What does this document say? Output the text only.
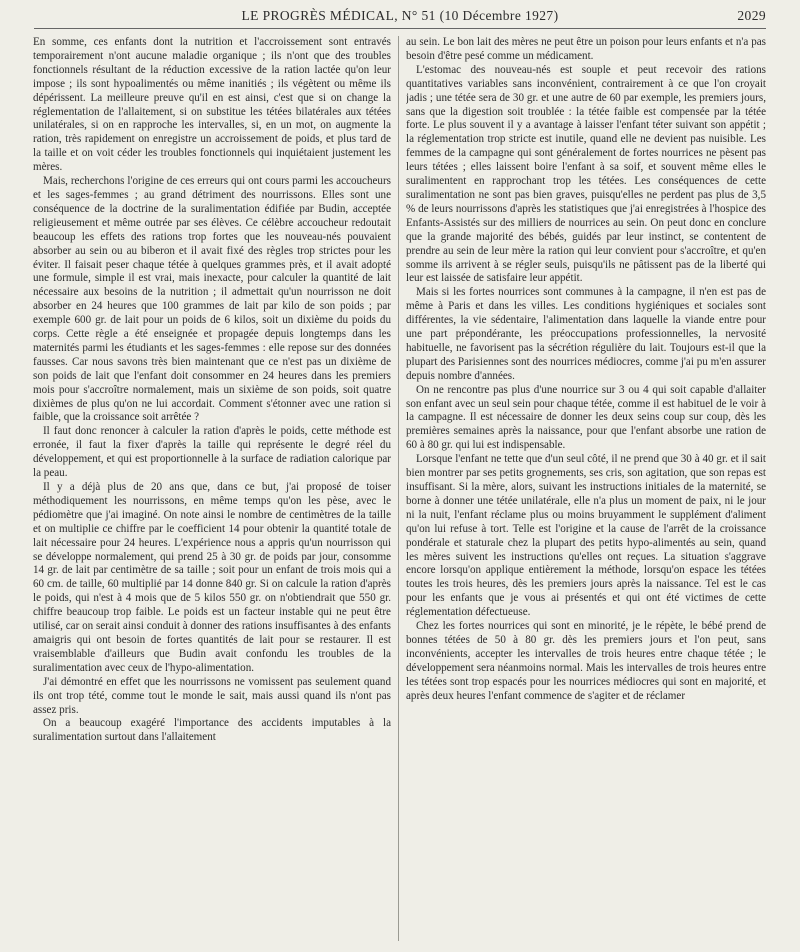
LE PROGRÈS MÉDICAL, N° 51 (10 Décembre 1927)	2029

En somme, ces enfants dont la nutrition et l'accroissement sont entravés temporairement n'ont aucune maladie organique ; ils n'ont que des troubles fonctionnels résultant de la réduction excessive de la ration lactée qu'on leur impose ; ils sont hypoalimentés ou même inanitiés ; ils végètent ou même ils dépérissent. La meilleure preuve qu'il en est ainsi, c'est que si on change la réglementation de l'allaitement, si on substitue les tétées bilatérales aux tétées unilatérales, si on en rapproche les intervalles, si, en un mot, on augmente la ration, très rapidement on enregistre un accroissement de poids, et plus tard de la taille et on voit céder les troubles fonctionnels qui inquiétaient justement les mères.

Mais, recherchons l'origine de ces erreurs qui ont cours parmi les accoucheurs et les sages-femmes ; au grand détriment des nourrissons. Elles sont une conséquence de la doctrine de la suralimentation édifiée par Budin, acceptée religieusement et même outrée par ses élèves. Ce célèbre accoucheur redoutait beaucoup les effets des rations trop fortes que les nouveau-nés pouvaient absorber au sein ou au biberon et il avait fixé des règles trop strictes pour les éviter. Il faisait peser chaque tétée à quelques grammes près, et il avait adopté une formule, simple il est vrai, mais inexacte, pour calculer la quantité de lait nécessaire aux besoins de la nutrition ; il admettait qu'un nourrisson ne doit absorber en 24 heures que 100 grammes de lait par kilo de son poids ; par exemple 600 gr. de lait pour un poids de 6 kilos, soit un dixième du poids du corps. Cette règle a été enseignée et propagée depuis longtemps dans les maternités parmi les étudiants et les sages-femmes : elle repose sur des données fausses. Car nous savons très bien maintenant que ce n'est pas un dixième de son poids de lait que l'enfant doit consommer en 24 heures dans les premiers mois pour s'accroître normalement, mais un sixième de son poids, soit quatre dixièmes de plus qu'on ne lui accordait. Comment s'étonner avec une ration si faible, que la croissance soit arrêtée ?

Il faut donc renoncer à calculer la ration d'après le poids, cette méthode est erronée, il faut la fixer d'après la taille qui représente le degré réel du développement, et qui est proportionnelle à la surface de radiation calorique par la peau.

Il y a déjà plus de 20 ans que, dans ce but, j'ai proposé de toiser méthodiquement les nourrissons, en même temps qu'on les pèse, avec le pédiomètre que j'ai imaginé. On note ainsi le nombre de centimètres de la taille et on multiplie ce chiffre par le coefficient 14 pour obtenir la quantité totale de lait nécessaire pour 24 heures. L'expérience nous a appris qu'un nourrisson qui se développe normalement, qui prend 25 à 30 gr. de poids par jour, consomme 14 gr. de lait par centimètre de sa taille ; soit pour un enfant de trois mois qui a 60 cm. de taille, 60 multiplié par 14 donne 840 gr. Si on calcule la ration d'après le poids, qui n'est à 4 mois que de 5 kilos 550 gr. on n'obtiendrait que 550 gr. chiffre beaucoup trop faible. Le poids est un facteur instable qui ne peut être utilisé, car on serait ainsi conduit à donner des rations insuffisantes à des enfants amaigris qui ont besoin de fortes quantités de lait pour se restaurer. Il est vraisemblable d'ailleurs que Budin avait confondu les troubles de la suralimentation avec ceux de l'hypo-alimentation.

J'ai démontré en effet que les nourrissons ne vomissent pas seulement quand ils ont trop tété, comme tout le monde le sait, mais aussi quand ils n'ont pas assez pris.

On a beaucoup exagéré l'importance des accidents imputables à la suralimentation surtout dans l'allaitement

au sein. Le bon lait des mères ne peut être un poison pour leurs enfants et n'a pas besoin d'être pesé comme un médicament.

L'estomac des nouveau-nés est souple et peut recevoir des rations quantitatives variables sans inconvénient, contrairement à ce que l'on croyait jadis ; une tétée sera de 30 gr. et une autre de 60 par exemple, les premiers jours, sans que la digestion soit troublée : la tétée faible est compensée par la tétée forte. Le plus souvent il y a avantage à laisser l'enfant téter suivant son appétit ; la réglementation trop stricte est inutile, quand elle ne devient pas nuisible. Les femmes de la campagne qui sont généralement de fortes nourrices ne pèsent pas leurs tétées ; elles laissent boire l'enfant à sa soif, et souvent même elles le suralimentent en rapprochant trop les tétées. Les conséquences de cette suralimentation ne sont pas bien graves, puisqu'elles ne perdent pas plus de 3,5 % de leurs nourrissons d'après les statistiques que j'ai enregistrées à l'hospice des Enfants-Assistés sur des milliers de nourrices au sein. On peut donc en conclure que la grande majorité des bébés, guidés par leur instinct, se contentent de prendre au sein de leur mère la ration qui leur convient pour s'accroître, et qu'en somme ils arrivent à se régler seuls, puisqu'ils ne pâtissent pas de la liberté qui leur est laissée de satisfaire leur appétit.

Mais si les fortes nourrices sont communes à la campagne, il n'en est pas de même à Paris et dans les villes. Les conditions hygiéniques et sociales sont différentes, la vie sédentaire, l'alimentation dans laquelle la viande entre pour une part prépondérante, les préoccupations professionnelles, la nervosité habituelle, ne favorisent pas la sécrétion régulière du lait. Toujours est-il que la plupart des Parisiennes sont des nourrices médiocres, comme j'ai pu m'en assurer depuis nombre d'années.

On ne rencontre pas plus d'une nourrice sur 3 ou 4 qui soit capable d'allaiter son enfant avec un seul sein pour chaque tétée, comme il est habituel de le voir à la campagne. Il est nécessaire de donner les deux seins coup sur coup, dès les premières semaines après la naissance, pour que l'enfant absorbe une ration de 60 à 80 gr. qui lui est indispensable.

Lorsque l'enfant ne tette que d'un seul côté, il ne prend que 30 à 40 gr. et il sait bien montrer par ses petits grognements, ses cris, son agitation, que son repas est insuffisant. Si la mère, alors, suivant les instructions initiales de la maternité, se borne à donner une tétée unilatérale, elle n'a plus un moment de paix, ni le jour ni la nuit, l'enfant réclame plus ou moins bruyamment le supplément d'aliment qu'on lui refuse à tort. Telle est l'origine et la cause de l'arrêt de la croissance pondérale et staturale chez la plupart des petits hypo-alimentés au sein, quand les mères suivent les instructions qu'elles ont reçues. La situation s'aggrave encore lorsqu'on applique entièrement la méthode, lorsqu'on espace les tétées toutes les trois heures, dès les premiers jours après la naissance. Tel est le cas pour les enfants que je vous ai présentés et qui ont été victimes de cette réglementation défectueuse.

Chez les fortes nourrices qui sont en minorité, je le répète, le bébé prend de bonnes tétées de 50 à 80 gr. dès les premiers jours et l'on peut, sans inconvénients, accepter les intervalles de trois heures entre chaque tétée ; le développement sera néanmoins normal. Mais les intervalles de trois heures entre les tétées sont trop espacés pour les nourrices médiocres qui sont en majorité, et après deux heures l'enfant commence de s'agiter et de réclamer
